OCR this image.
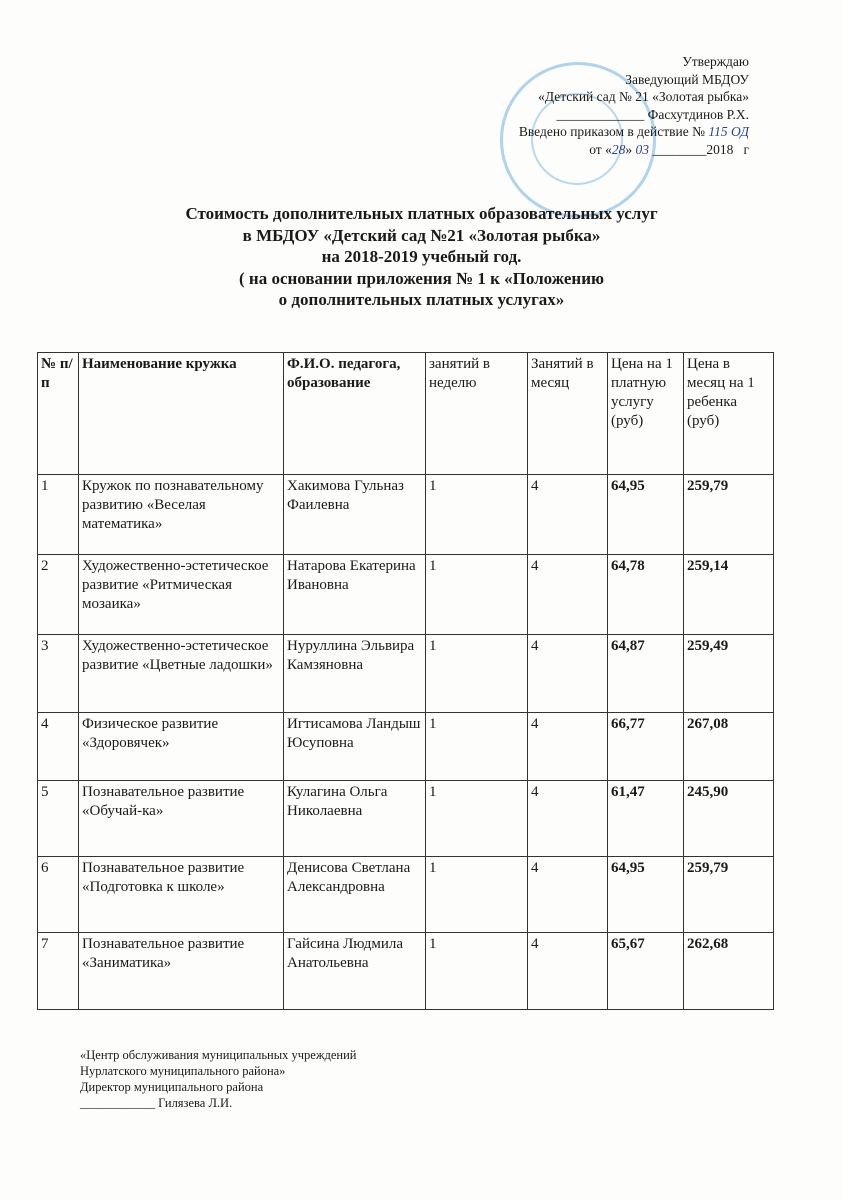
Утверждаю
Заведующий МБДОУ
«Детский сад № 21 «Золотая рыбка»
_____________ Фасхутдинов Р.Х.
Введено приказом в действие № 115 ОД
от «28» 03 ________2018 г
Стоимость дополнительных платных образовательных услуг
в МБДОУ «Детский сад №21 «Золотая рыбка»
на 2018-2019 учебный год.
( на основании приложения № 1 к «Положению
о дополнительных платных услугах»
№ п/п	Наименование кружка	Ф.И.О. педагога, образование	занятий в неделю	Занятий в месяц	Цена на 1 платную услугу (руб)	Цена в месяц на 1 ребенка (руб)
1	Кружок по познавательному развитию «Веселая математика»	Хакимова Гульназ Фаилевна	1	4	64,95	259,79
2	Художественно-эстетическое развитие «Ритмическая мозаика»	Натарова Екатерина Ивановна	1	4	64,78	259,14
3	Художественно-эстетическое развитие «Цветные ладошки»	Нуруллина Эльвира Камзяновна	1	4	64,87	259,49
4	Физическое развитие «Здоровячек»	Игтисамова Ландыш Юсуповна	1	4	66,77	267,08
5	Познавательное развитие «Обучай-ка»	Кулагина Ольга Николаевна	1	4	61,47	245,90
6	Познавательное развитие «Подготовка к школе»	Денисова Светлана Александровна	1	4	64,95	259,79
7	Познавательное развитие «Заниматика»	Гайсина Людмила Анатольевна	1	4	65,67	262,68
«Центр обслуживания муниципальных учреждений
Нурлатского муниципального района»
Директор муниципального района
____________ Гилязева Л.И.
